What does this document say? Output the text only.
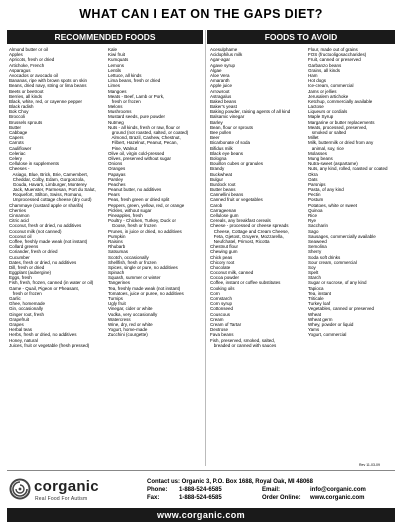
WHAT CAN I EAT ON THE GAPS DIET?
RECOMMENDED FOODS	FOODS TO AVOID
Almond butter or oil
Apples
Apricots, fresh or dried
Artichoke, French
Asparagus
Avocados or avocado oil
Bananas, ripe with brown spots on skin
Beans, dried navy, string or lima beans
Beets or beetroot
Berries, all kinds
Black, white, red, or cayenne pepper
Black radish
Bok Choy
Broccoli
Brussels sprouts
Butter
Cabbage
Capers
Carrots
Cauliflower
Celeriac
Celery
Cellulose in supplements
Cheeses -
Asiago, Blue, Brick, Brie, Camembert,
Cheddar, Colby, Edam, Gorgonzola,
Gouda, Havarti, Limburger, Monterey
Jack, Muenster, Parmesan, Port du Salut,
Roquefort, Stilton, Swiss, Romano,
Unprocessed cottage cheese (dry curd)
Chammaye (custard apple or sharifa)
Cherries
Cinnamon
Citric acid
Coconut, fresh or dried, no additives
Coconut milk (not canned)
Coconut oil
Coffee, freshly made weak (not instant)
Collard greens
Coriander, fresh or dried
Cucumber
Dates, fresh or dried, no additives
Dill, fresh or dried
Eggplant (aubergine)
Eggs, fresh
Fish, fresh, frozen, canned (in water or oil)
Game - Quail, Pigeon or Pheasant,
fresh or frozen
Garlic
Ghee, homemade
Gin, occasionally
Ginger root, fresh
Grapefruit
Grapes
Herbal teas
Herbs, fresh or dried, no additives
Honey, natural
Juices, fruit or vegetable (fresh pressed)
Kale
Kiwi fruit
Kumquats
Lemons
Lentils
Lettuce, all kinds
Lima beans, fresh or dried
Limes
Mangoes
Meats - Beef, Lamb or Pork,
fresh or frozen
Melons
Mushrooms
Mustard seeds, pure powder
Nutmeg
Nuts - all kinds, fresh or raw, flour or
ground (not roasted, salted, or coated)
Almond, Brazil, Cashew, Chestnut,
Filbert, Hazelnut, Peanut, Pecan,
Pine, Walnut
Olive oil, virgin cold-pressed
Olives, preserved without sugar
Onions
Oranges
Papayas
Parsley
Peaches
Peanut butter, no additives
Pears
Peas, fresh green or dried split
Peppers, green, yellow, red, or orange
Pickles, without sugar
Pineapples, fresh
Poultry - Chicken, Turkey, Duck or
Goose, fresh or frozen
Prunes, in juice or dried, no additives
Pumpkin
Raisins
Rhubarb
Satsumas
Scotch, occasionally
Shellfish, fresh or frozen
Spices, single or pure, no additives
Spinach
Squash, summer or winter
Tangerines
Tea, freshly made weak (not instant)
Tomatoes, juice or puree, no additives
Turnips
Ugly fruit
Vinegar, cider or white
Vodka, very occasionally
Watercress
Wine, dry, red or white
Yogurt, home-made
Zucchini (courgette)
Acesulphame
Acidophilus milk
Agar-agar
Agave syrup
Algae
Aloe Vera
Amaranth
Apple juice
Arrowroot
Astragalus
Baked beans
Baker's yeast
Baking powder, raising agents of all kind
Balsamic vinegar
Barley
Bean, flour or sprouts
Bee pollen
Beer
Bicarbonate of soda
Bifidus milk
Black eye beans
Bologna
Bouillon cubes or granules
Brandy
Buckwheat
Bulgur
Burdock root
Butter beans
Cannellini beans
Canned fruit or vegetables
Carob
Carrageenan
Cellulose gum
Cereals, any breakfast cereals
Cheese - processed or cheese spreads
Cheese, Cottage and Cream Cheese,
Feta, Gjetost, Gruyere, Mozzarella,
Neufchatel, Primost, Ricotta
Chestnut flour
Chewing gum
Chick peas
Chicory root
Chocolate
Coconut milk, canned
Cocoa powder
Coffee, instant or coffee substitutes
Cooking oils
Corn
Cornstarch
Corn syrup
Cottonseed
Couscous
Cream
Cream of Tartar
Dextrose
Fava beans
Fish, preserved, smoked, salted,
breaded or canned with sauces
Flour, made out of grains
FOS (fructooligosaccharides)
Fruit, canned or preserved
Garbanzo beans
Grains, all kinds
Ham
Hot dogs
Ice-cream, commercial
Jams or jellies
Jerusalem artichoke
Ketchup, commercially available
Lactose
Liqueurs or cordials
Maple Syrup
Margarine or butter replacements
Meats, processed, preserved,
smoked or salted
Millet
Milk, buttermilk or dried from any
animal, soy, rice
Molasses
Mung beans
Nutra-sweet (aspartame)
Nuts, any kind, rolled, roasted or coated
Okra
Oats
Parsnips
Pasta, of any kind
Pectin
Postum
Potatoes, white or sweet
Quinoa
Rice
Rye
Saccharin
Sago
Sausages, commercially available
Seaweed
Semolina
Sherry
Soda soft drinks
Sour cream, commercial
Soy
Spelt
Starch
Sugar or sucrose, of any kind
Tapioca
Tea, instant
Triticale
Turkey loaf
Vegetables, canned or preserved
Wheat
Wheat germ
Whey, powder or liquid
Yams
Yogurt, commercial
Rev 11-03-09
corganic
Real Food For Autism
Contact us: Organic 3, P.O. Box 1688, Royal Oak, MI 48068
Phone: 1-888-524-6585
Fax:	1-888-524-6585
Email:	info@corganic.com
Order Online: www.corganic.com
www.corganic.com
